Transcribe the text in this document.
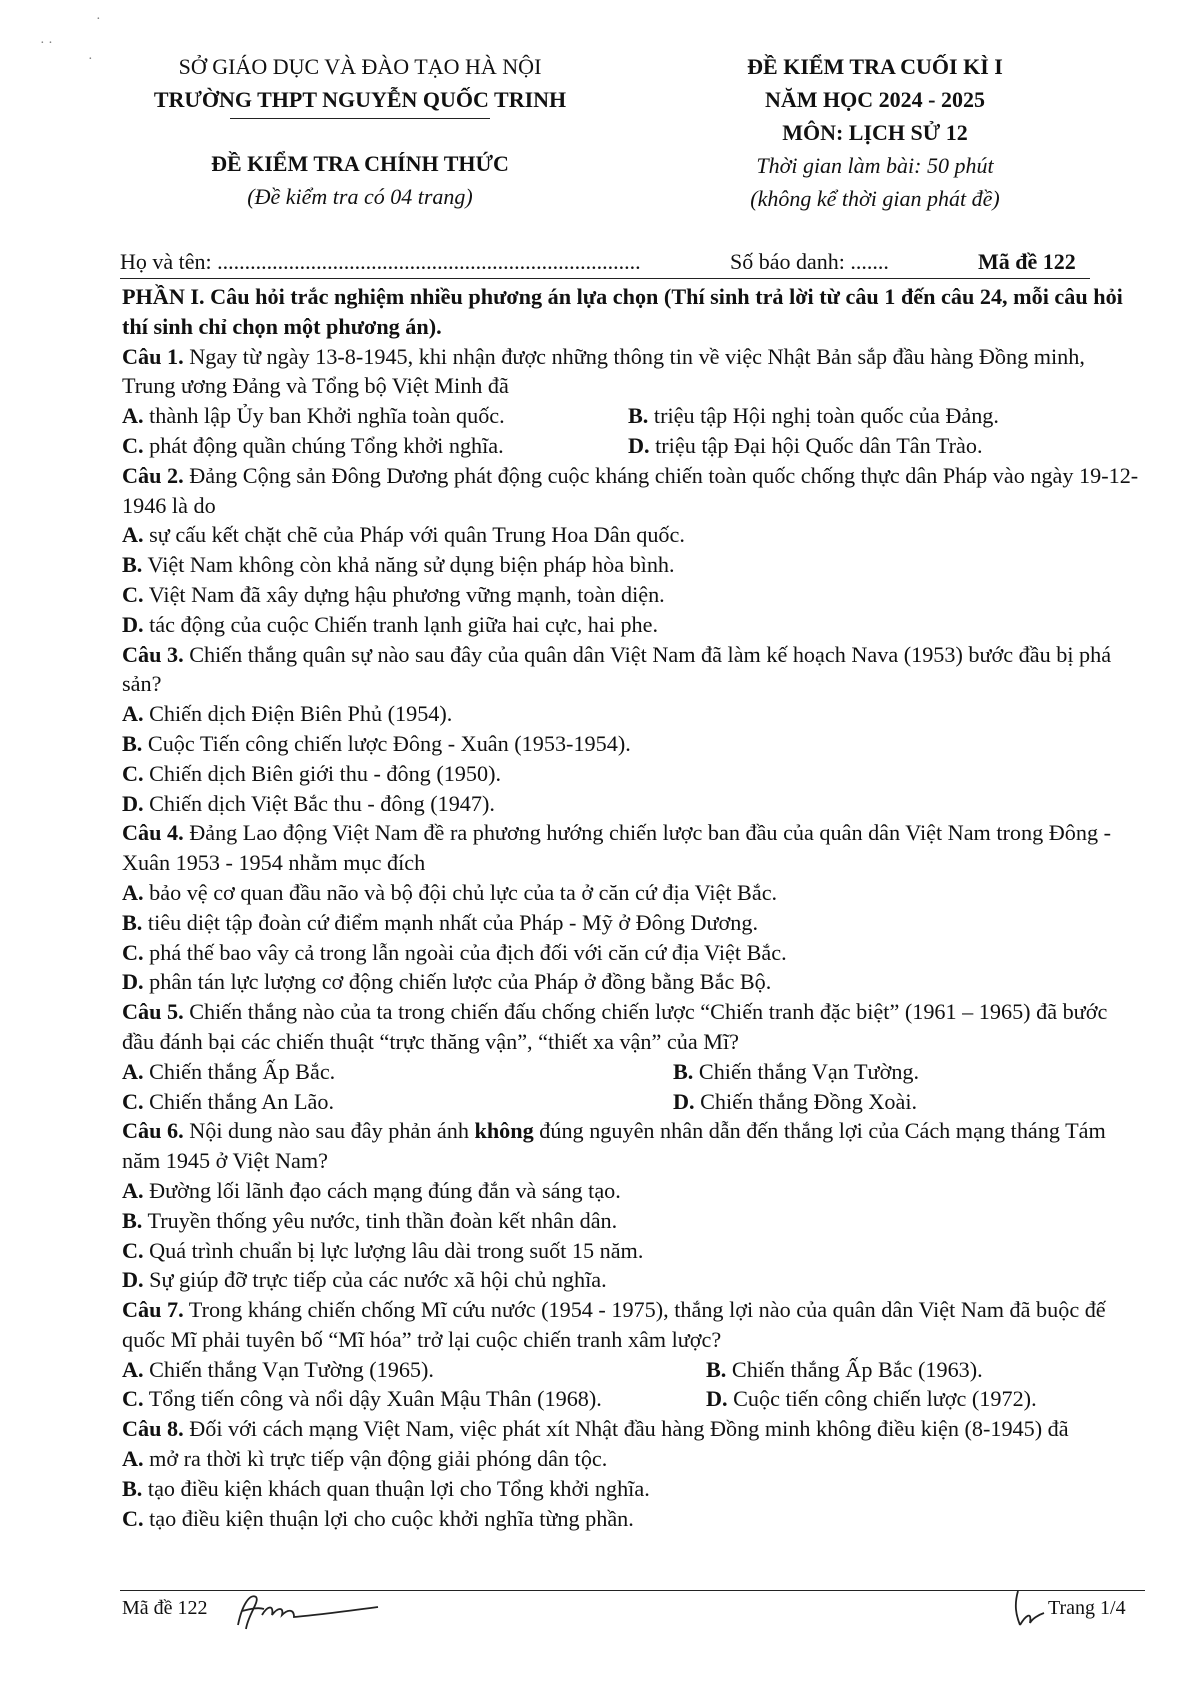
· ·
·
·
SỞ GIÁO DỤC VÀ ĐÀO TẠO HÀ NỘI
TRƯỜNG THPT NGUYỄN QUỐC TRINH
ĐỀ KIỂM TRA CHÍNH THỨC
(Đề kiểm tra có 04 trang)
ĐỀ KIỂM TRA CUỐI KÌ I
NĂM HỌC 2024 - 2025
MÔN: LỊCH SỬ 12
Thời gian làm bài: 50 phút
(không kể thời gian phát đề)
Họ và tên: .............................................................................	Số báo danh: .......	Mã đề 122

PHẦN I. Câu hỏi trắc nghiệm nhiều phương án lựa chọn (Thí sinh trả lời từ câu 1 đến câu 24, mỗi câu hỏi thí sinh chỉ chọn một phương án).

Câu 1. Ngay từ ngày 13-8-1945, khi nhận được những thông tin về việc Nhật Bản sắp đầu hàng Đồng minh, Trung ương Đảng và Tổng bộ Việt Minh đã

A. thành lập Ủy ban Khởi nghĩa toàn quốc.	B. triệu tập Hội nghị toàn quốc của Đảng.
C. phát động quần chúng Tổng khởi nghĩa.	D. triệu tập Đại hội Quốc dân Tân Trào.

Câu 2. Đảng Cộng sản Đông Dương phát động cuộc kháng chiến toàn quốc chống thực dân Pháp vào ngày 19-12-1946 là do

A. sự cấu kết chặt chẽ của Pháp với quân Trung Hoa Dân quốc.

B. Việt Nam không còn khả năng sử dụng biện pháp hòa bình.

C. Việt Nam đã xây dựng hậu phương vững mạnh, toàn diện.

D. tác động của cuộc Chiến tranh lạnh giữa hai cực, hai phe.

Câu 3. Chiến thắng quân sự nào sau đây của quân dân Việt Nam đã làm kế hoạch Nava (1953) bước đầu bị phá sản?

A. Chiến dịch Điện Biên Phủ (1954).

B. Cuộc Tiến công chiến lược Đông - Xuân (1953-1954).

C. Chiến dịch Biên giới thu - đông (1950).

D. Chiến dịch Việt Bắc thu - đông (1947).

Câu 4. Đảng Lao động Việt Nam đề ra phương hướng chiến lược ban đầu của quân dân Việt Nam trong Đông - Xuân 1953 - 1954 nhằm mục đích

A. bảo vệ cơ quan đầu não và bộ đội chủ lực của ta ở căn cứ địa Việt Bắc.

B. tiêu diệt tập đoàn cứ điểm mạnh nhất của Pháp - Mỹ ở Đông Dương.

C. phá thế bao vây cả trong lẫn ngoài của địch đối với căn cứ địa Việt Bắc.

D. phân tán lực lượng cơ động chiến lược của Pháp ở đồng bằng Bắc Bộ.

Câu 5. Chiến thắng nào của ta trong chiến đấu chống chiến lược “Chiến tranh đặc biệt” (1961 – 1965) đã bước đầu đánh bại các chiến thuật “trực thăng vận”, “thiết xa vận” của Mĩ?

A. Chiến thắng Ấp Bắc.	B. Chiến thắng Vạn Tường.
C. Chiến thắng An Lão.	D. Chiến thắng Đồng Xoài.

Câu 6. Nội dung nào sau đây phản ánh không đúng nguyên nhân dẫn đến thắng lợi của Cách mạng tháng Tám năm 1945 ở Việt Nam?

A. Đường lối lãnh đạo cách mạng đúng đắn và sáng tạo.

B. Truyền thống yêu nước, tinh thần đoàn kết nhân dân.

C. Quá trình chuẩn bị lực lượng lâu dài trong suốt 15 năm.

D. Sự giúp đỡ trực tiếp của các nước xã hội chủ nghĩa.

Câu 7. Trong kháng chiến chống Mĩ cứu nước (1954 - 1975), thắng lợi nào của quân dân Việt Nam đã buộc đế quốc Mĩ phải tuyên bố “Mĩ hóa” trở lại cuộc chiến tranh xâm lược?

A. Chiến thắng Vạn Tường (1965).	B. Chiến thắng Ấp Bắc (1963).
C. Tổng tiến công và nổi dậy Xuân Mậu Thân (1968).	D. Cuộc tiến công chiến lược (1972).

Câu 8. Đối với cách mạng Việt Nam, việc phát xít Nhật đầu hàng Đồng minh không điều kiện (8-1945) đã

A. mở ra thời kì trực tiếp vận động giải phóng dân tộc.

B. tạo điều kiện khách quan thuận lợi cho Tổng khởi nghĩa.

C. tạo điều kiện thuận lợi cho cuộc khởi nghĩa từng phần.

Mã đề 122	Trang 1/4
